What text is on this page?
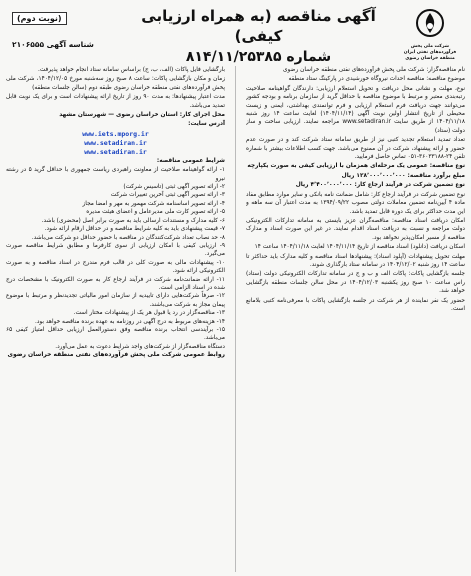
شرکت ملی پخش فرآورده‌های نفتی ایران منطقه خراسان رضوی

آگهی مناقصه (به همراه ارزیابی کیفی)

شماره ۸۱۴/۱۱/۲۵۳۸۵

(نوبت دوم)
شناسه آگهی ۲۱۰۶۵۵۵

نام مناقصه‌گزار: شرکت ملی پخش فرآورده‌های نفتی منطقه خراسان رضوی

موضوع مناقصه: مناقصه احداث نیروگاه خورشیدی در پارکینگ ستاد منطقه

نوع، مهلت و نشانی محل دریافت و تحویل استعلام ارزیابی: دارندگان گواهینامه صلاحیت رتبه‌بندی معتبر و مرتبط با موضوع مناقصه با حداقل گرید از سازمان برنامه و بودجه کشور می‌توانند جهت دریافت فرم استعلام ارزیابی و فرم توانمندی بهداشتی، ایمنی و زیست محیطی از تاریخ انتشار اولین نوبت آگهی (۱۴۰۴/۱۱/۱۴) لغایت ساعت ۱۴ روز شنبه ۱۴۰۴/۱۱/۱۸ از طریق سایت www.setadiran.ir مراجعه نمایند. ارزیابی ساخت و ساز دولت (ستاد)

تعداد تمدید استعلام تجدید کتبی نیز از طریق سامانه ستاد شرکت کند و در صورت عدم حضور و ارائه پیشنهاد، شرکت در آن ممنوع می‌باشد. جهت کسب اطلاعات بیشتر با شماره تلفن ۲۴-۳۶۰۳۳۱۸۸-۰۵۱ تماس حاصل فرمایید.

نوع مناقصه: عمومی یک مرحله‌ای همزمان با ارزیابی کیفی به صورت یکپارچه

مبلغ برآورد مناقصه: ۱۲۸٬۰۰۰٬۰۰۰٬۰۰۰ ریال

نوع تضمین شرکت در فرآیند ارجاع کار: ۴٬۴۰۰٬۰۰۰٬۰۰۰ ریال

نوع تضمین شرکت در فرآیند ارجاع کار: شامل ضمانت نامه بانکی و سایر موارد مطابق مفاد ماده ۴ آیین‌نامه تضمین معاملات دولتی مصوب ۱۳۹۴/۰۹/۲۲ به مدت اعتبار آن سه ماهه و این مدت حداکثر برای یک دوره قابل تمدید باشد.

امکان دریافت اسناد مناقصه: مناقصه‌گران عزیز بایستی به سامانه تدارکات الکترونیکی دولت مراجعه و نسبت به دریافت اسناد اقدام نمایند. در غیر این صورت اسناد و مدارک مناقصه از مسیر امکان‌پذیر نخواهد بود.

اسکان دریافت (دانلود) اسناد مناقصه از تاریخ ۱۴۰۴/۱۱/۱۴ لغایت ۱۴۰۴/۱۱/۱۸ ساعت ۱۴

مهلت تحویل پیشنهادات (آپلود اسناد): پیشنهادها اسناد مناقصه و کلیه مدارک باید حداکثر تا ساعت ۱۴ روز شنبه ۱۴۰۴/۱۲/۰۲ در سامانه ستاد بارگذاری شوند.

جلسه بازگشایی پاکات: پاکات الف و ب و ج در سامانه تدارکات الکترونیکی دولت (ستاد) راس ساعت ۱۰ صبح روز یکشنبه ۱۴۰۴/۱۲/۰۳ در محل سالن جلسات منطقه بازگشایی خواهد شد.

حضور یک نفر نماینده از هر شرکت در جلسه بازگشایی پاکات با معرفی‌نامه کتبی بلامانع است.

بارگشایی فایل پاکات (الف، ب، ج) براساس سامانه ستاد انجام خواهد پذیرفت.

زمان و مکان بازگشایی پاکات: ساعت ۸ صبح روز سه‌شنبه مورخ ۱۴۰۴/۱۲/۰۵، شرکت ملی پخش فرآورده‌های نفتی منطقه خراسان رضوی طبقه دوم (سالن جلسات منطقه)

مدت اعتبار پیشنهادها: به مدت ۹۰ روز از تاریخ ارائه پیشنهادات است و برای یک نوبت قابل تمدید می‌باشد.

محل اجرای کار: استان خراسان رضوی — شهرستان مشهد

آدرس سایت:

www.iets.mporg.ir
www.setadiran.ir
www.setadiran.ir

شرایط عمومی مناقصه:

۱- ارائه گواهینامه صلاحیت از معاونت راهبردی ریاست جمهوری با حداقل گرید ۵ در رشته نیرو
۲- ارائه تصویر آگهی ثبتی (تاسیس شرکت)
۳- ارائه تصویر آگهی ثبتی آخرین تغییرات شرکت
۴- ارائه تصویر اساسنامه شرکت مهمور به مهر و امضا مجاز
۵- ارائه تصویر کارت ملی مدیرعامل و اعضای هیئت مدیره
۶- کلیه مدارک و مستندات ارسالی باید به صورت برابر اصل (محضری) باشد.
۷- قیمت پیشنهادی باید به کلیه شرایط مناقصه و در حداقل ارقام ارائه شود.
۸- حد نصاب تعداد شرکت‌کنندگان در مناقصه با حضور حداقل دو شرکت می‌باشد.
۹- ارزیابی کیفی با امکان ارزیابی از سوی کارفرما و مطابق شرایط مناقصه صورت می‌گیرد.
۱۰- پیشنهادات مالی به صورت کلی در قالب فرم مندرج در اسناد مناقصه و به صورت الکترونیکی ارائه شود.
۱۱- ارائه ضمانت‌نامه شرکت در فرآیند ارجاع کار به صورت الکترونیک با مشخصات درج شده در اسناد الزامی است.
۱۲- صرفاً شرکت‌هایی دارای تاییدیه از سازمان امور مالیاتی تجدید‌نظر و مرتبط با موضوع پیمان مجاز به شرکت می‌باشند.
۱۳- مناقصه‌گزار در رد یا قبول هر یک از پیشنهادات مختار است.
۱۴- هزینه‌های مربوط به درج آگهی در روزنامه به عهده برنده مناقصه خواهد بود.
۱۵- برآیندسی انتخاب برنده مناقصه وفق دستورالعمل ارزیابی حداقل امتیاز کیفی ۶۵ می‌باشد.
دستگاه مناقصه‌گزار از شرکت‌های واجد شرایط دعوت به عمل می‌آورد.

روابط عمومی شرکت ملی پخش فرآورده‌های نفتی منطقه خراسان رضوی
